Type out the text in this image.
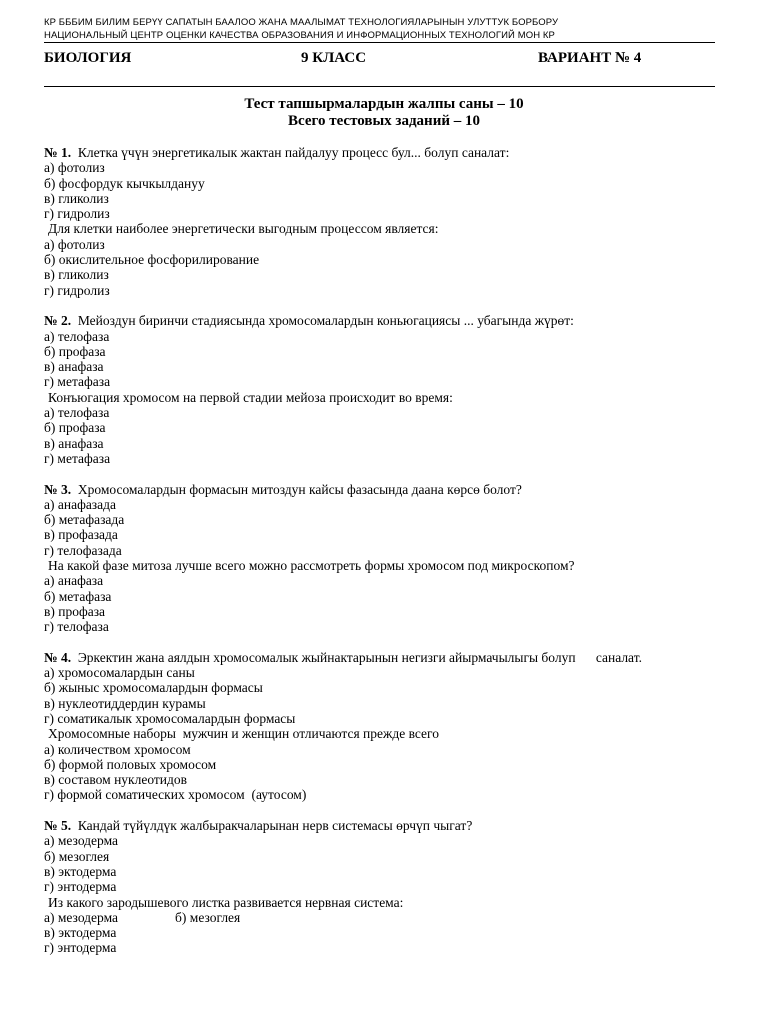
КР БББИМ БИЛИМ БЕРҮҮ САПАТЫН БААЛОО ЖАНА МААЛЫМАТ ТЕХНОЛОГИЯЛАРЫНЫН УЛУТТУК БОРБОРУ
НАЦИОНАЛЬНЫЙ ЦЕНТР ОЦЕНКИ КАЧЕСТВА ОБРАЗОВАНИЯ И ИНФОРМАЦИОННЫХ ТЕХНОЛОГИЙ МОН КР
БИОЛОГИЯ	9 КЛАСС	ВАРИАНТ № 4
Тест тапшырмалардын жалпы саны – 10
Всего тестовых заданий – 10
№ 1. Клетка үчүн энергетикалык жактан пайдалуу процесс бул... болуп саналат:
а) фотолиз
б) фосфордук кычкылдануу
в) гликолиз
г) гидролиз
Для клетки наиболее энергетически выгодным процессом является:
а) фотолиз
б) окислительное фосфорилирование
в) гликолиз
г) гидролиз
№ 2. Мейоздун биринчи стадиясында хромосомалардын коньюгациясы ... убагында жүрөт:
а) телофаза
б) профаза
в) анафаза
г) метафаза
Конъюгация хромосом на первой стадии мейоза происходит во время:
а) телофаза
б) профаза
в) анафаза
г) метафаза
№ 3. Хромосомалардын формасын митоздун кайсы фазасында даана көрсө болот?
а) анафазада
б) метафазада
в) профазада
г) телофазада
На какой фазе митоза лучше всего можно рассмотреть формы хромосом под микроскопом?
а) анафаза
б) метафаза
в) профаза
г) телофаза
№ 4. Эркектин жана аялдын хромосомалык жыйнактарынын негизги айырмачылыгы болуп      саналат.
а) хромосомалардын саны
б) жыныс хромосомалардын формасы
в) нуклеотиддердин курамы
г) соматикалык хромосомалардын формасы
Хромосомные наборы  мужчин и женщин отличаются прежде всего
а) количеством хромосом
б) формой половых хромосом
в) составом нуклеотидов
г) формой соматических хромосом  (аутосом)
№ 5. Кандай түйүлдүк жалбыракчаларынан нерв системасы өрчүп чыгат?
а) мезодерма
б) мезоглея
в) эктодерма
г) энтодерма
Из какого зародышевого листка развивается нервная система:
а) мезодерма	б) мезоглея
в) эктодерма
г) энтодерма
